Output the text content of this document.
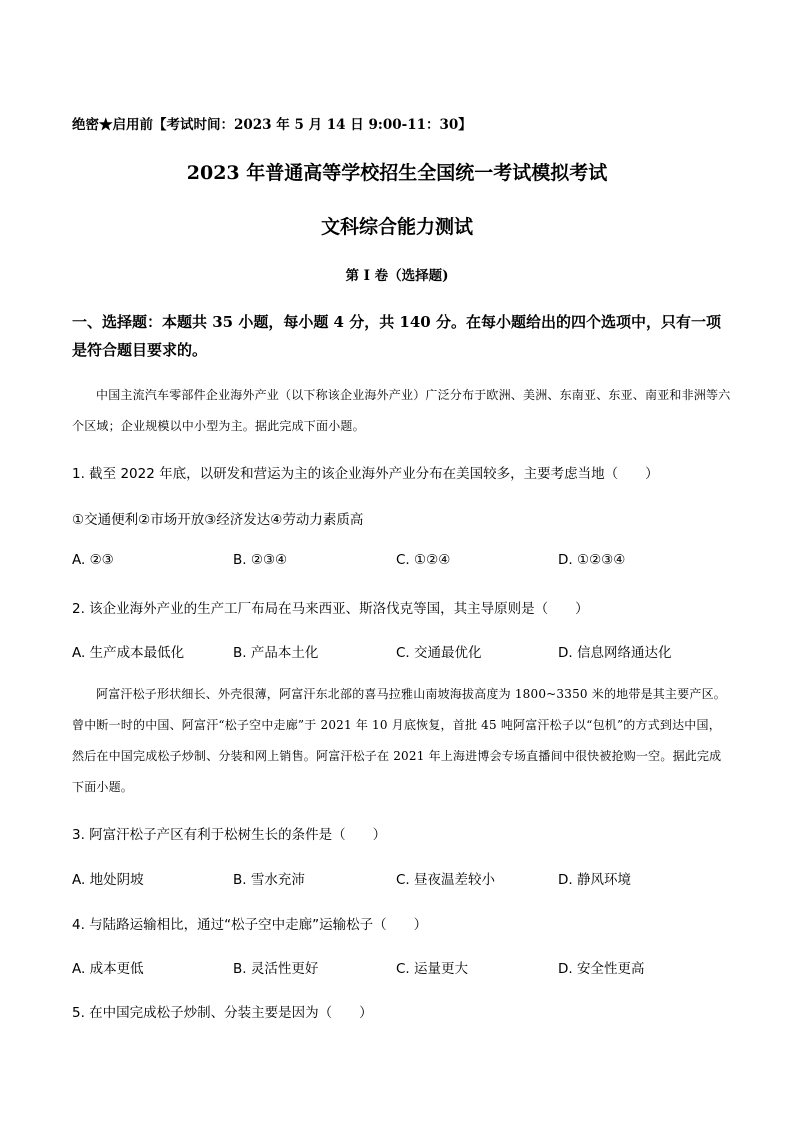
绝密★启用前【考试时间：2023 年 5 月 14 日 9:00-11：30】
2023 年普通高等学校招生全国统一考试模拟考试
文科综合能力测试
第 I 卷（选择题)
一、选择题：本题共 35 小题，每小题 4 分，共 140 分。在每小题给出的四个选项中，只有一项是符合题目要求的。
中国主流汽车零部件企业海外产业（以下称该企业海外产业）广泛分布于欧洲、美洲、东南亚、东亚、南亚和非洲等六个区域；企业规模以中小型为主。据此完成下面小题。
1. 截至 2022 年底，以研发和营运为主的该企业海外产业分布在美国较多，主要考虑当地（　　）
①交通便利②市场开放③经济发达④劳动力素质高
A. ②③	B. ②③④	C. ①②④	D. ①②③④
2. 该企业海外产业的生产工厂布局在马来西亚、斯洛伐克等国，其主导原则是（　　）
A. 生产成本最低化	B. 产品本土化	C. 交通最优化	D. 信息网络通达化
阿富汗松子形状细长、外壳很薄，阿富汗东北部的喜马拉雅山南坡海拔高度为 1800~3350 米的地带是其主要产区。曾中断一时的中国、阿富汗“松子空中走廊”于 2021 年 10 月底恢复，首批 45 吨阿富汗松子以“包机”的方式到达中国，然后在中国完成松子炒制、分装和网上销售。阿富汗松子在 2021 年上海进博会专场直播间中很快被抢购一空。据此完成下面小题。
3. 阿富汗松子产区有利于松树生长的条件是（　　）
A. 地处阴坡	B. 雪水充沛	C. 昼夜温差较小	D. 静风环境
4. 与陆路运输相比，通过“松子空中走廊”运输松子（　　）
A. 成本更低	B. 灵活性更好	C. 运量更大	D. 安全性更高
5. 在中国完成松子炒制、分装主要是因为（　　）
